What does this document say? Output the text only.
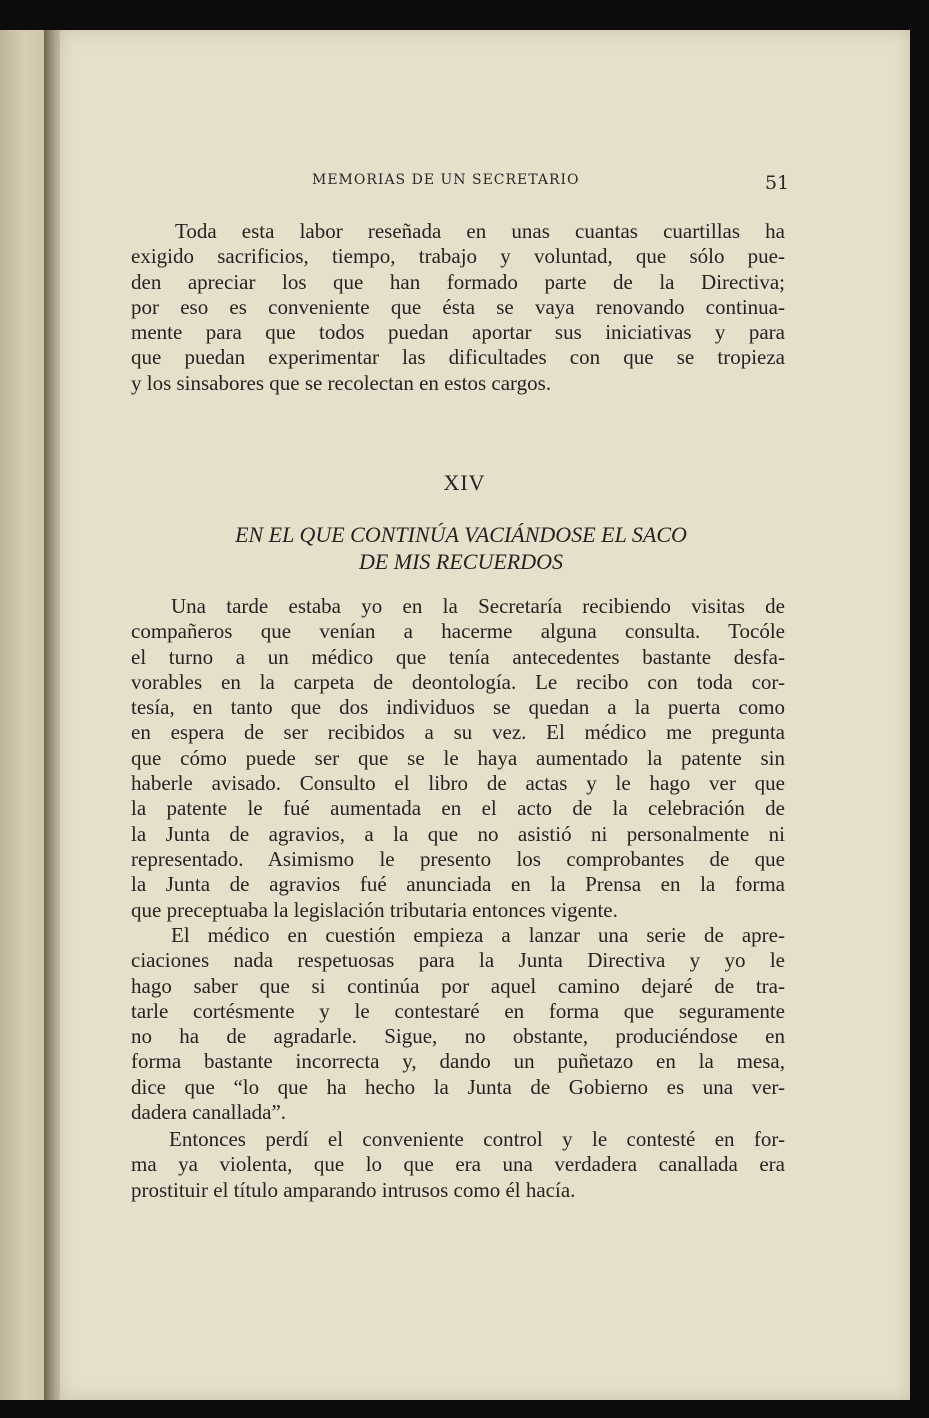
MEMORIAS DE UN SECRETARIO	51
Toda esta labor reseñada en unas cuantas cuartillas ha
exigido sacrificios, tiempo, trabajo y voluntad, que sólo pue-
den apreciar los que han formado parte de la Directiva;
por eso es conveniente que ésta se vaya renovando continua-
mente para que todos puedan aportar sus iniciativas y para
que puedan experimentar las dificultades con que se tropieza
y los sinsabores que se recolectan en estos cargos.
XIV
EN EL QUE CONTINÚA VACIÁNDOSE EL SACO
DE MIS RECUERDOS
Una tarde estaba yo en la Secretaría recibiendo visitas de
compañeros que venían a hacerme alguna consulta. Tocóle
el turno a un médico que tenía antecedentes bastante desfa-
vorables en la carpeta de deontología. Le recibo con toda cor-
tesía, en tanto que dos individuos se quedan a la puerta como
en espera de ser recibidos a su vez. El médico me pregunta
que cómo puede ser que se le haya aumentado la patente sin
haberle avisado. Consulto el libro de actas y le hago ver que
la patente le fué aumentada en el acto de la celebración de
la Junta de agravios, a la que no asistió ni personalmente ni
representado. Asimismo le presento los comprobantes de que
la Junta de agravios fué anunciada en la Prensa en la forma
que preceptuaba la legislación tributaria entonces vigente.
El médico en cuestión empieza a lanzar una serie de apre-
ciaciones nada respetuosas para la Junta Directiva y yo le
hago saber que si continúa por aquel camino dejaré de tra-
tarle cortésmente y le contestaré en forma que seguramente
no ha de agradarle. Sigue, no obstante, produciéndose en
forma bastante incorrecta y, dando un puñetazo en la mesa,
dice que “lo que ha hecho la Junta de Gobierno es una ver-
dadera canallada”.
Entonces perdí el conveniente control y le contesté en for-
ma ya violenta, que lo que era una verdadera canallada era
prostituir el título amparando intrusos como él hacía.
